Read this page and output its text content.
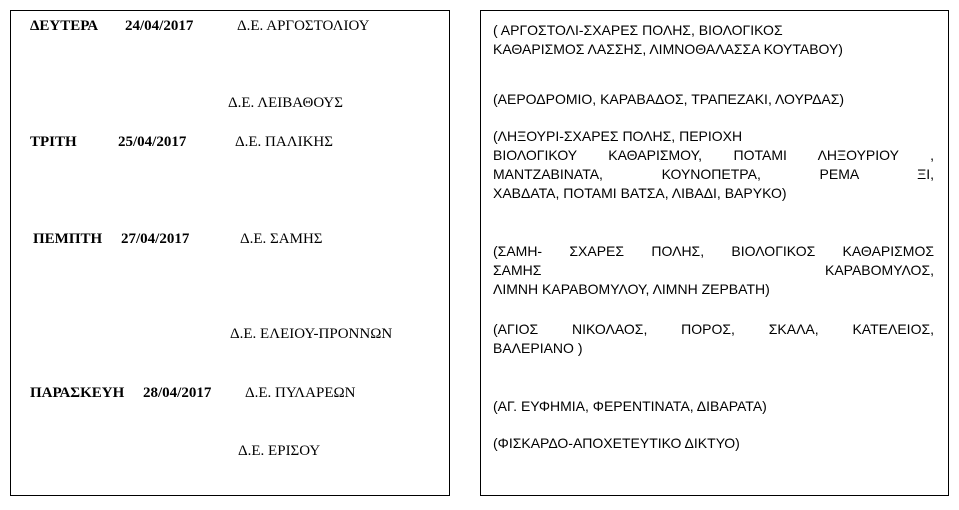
ΔΕΥΤΕΡΑ 24/04/2017	Δ.Ε. ΑΡΓΟΣΤΟΛΙΟΥ
Δ.Ε. ΛΕΙΒΑΘΟΥΣ
ΤΡΙΤΗ	25/04/2017	Δ.Ε. ΠΑΛΙΚΗΣ
ΠΕΜΠΤΗ 27/04/2017	Δ.Ε. ΣΑΜΗΣ
Δ.Ε. ΕΛΕΙΟΥ-ΠΡΟΝΝΩΝ
ΠΑΡΑΣΚΕΥΗ 28/04/2017 Δ.Ε. ΠΥΛΑΡΕΩΝ
Δ.Ε. ΕΡΙΣΟΥ
( ΑΡΓΟΣΤΟΛΙ-ΣΧΑΡΕΣ ΠΟΛΗΣ, ΒΙΟΛΟΓΙΚΟΣ
ΚΑΘΑΡΙΣΜΟΣ ΛΑΣΣΗΣ, ΛΙΜΝΟΘΑΛΑΣΣΑ ΚΟΥΤΑΒΟΥ)
(ΑΕΡΟΔΡΟΜΙΟ, ΚΑΡΑΒΑΔΟΣ, ΤΡΑΠΕΖΑΚΙ, ΛΟΥΡΔΑΣ)
(ΛΗΞΟΥΡΙ-ΣΧΑΡΕΣ ΠΟΛΗΣ, ΠΕΡΙΟΧΗ
ΒΙΟΛΟΓΙΚΟΥ ΚΑΘΑΡΙΣΜΟΥ, ΠΟΤΑΜΙ ΛΗΞΟΥΡΙΟΥ ,
ΜΑΝΤΖΑΒΙΝΑΤΑ, ΚΟΥΝΟΠΕΤΡΑ, ΡΕΜΑ ΞΙ,
ΧΑΒΔΑΤΑ, ΠΟΤΑΜΙ ΒΑΤΣΑ, ΛΙΒΑΔΙ, ΒΑΡΥΚΟ)
(ΣΑΜΗ- ΣΧΑΡΕΣ ΠΟΛΗΣ, ΒΙΟΛΟΓΙΚΟΣ ΚΑΘΑΡΙΣΜΟΣ
ΣΑΜΗΣ ΚΑΡΑΒΟΜΥΛΟΣ,
ΛΙΜΝΗ ΚΑΡΑΒΟΜΥΛΟΥ, ΛΙΜΝΗ ΖΕΡΒΑΤΗ)
(ΑΓΙΟΣ ΝΙΚΟΛΑΟΣ, ΠΟΡΟΣ, ΣΚΑΛΑ, ΚΑΤΕΛΕΙΟΣ,
ΒΑΛΕΡΙΑΝΟ )
(ΑΓ. ΕΥΦΗΜΙΑ, ΦΕΡΕΝΤΙΝΑΤΑ, ΔΙΒΑΡΑΤΑ)
(ΦΙΣΚΑΡΔΟ-ΑΠΟΧΕΤΕΥΤΙΚΟ ΔΙΚΤΥΟ)
